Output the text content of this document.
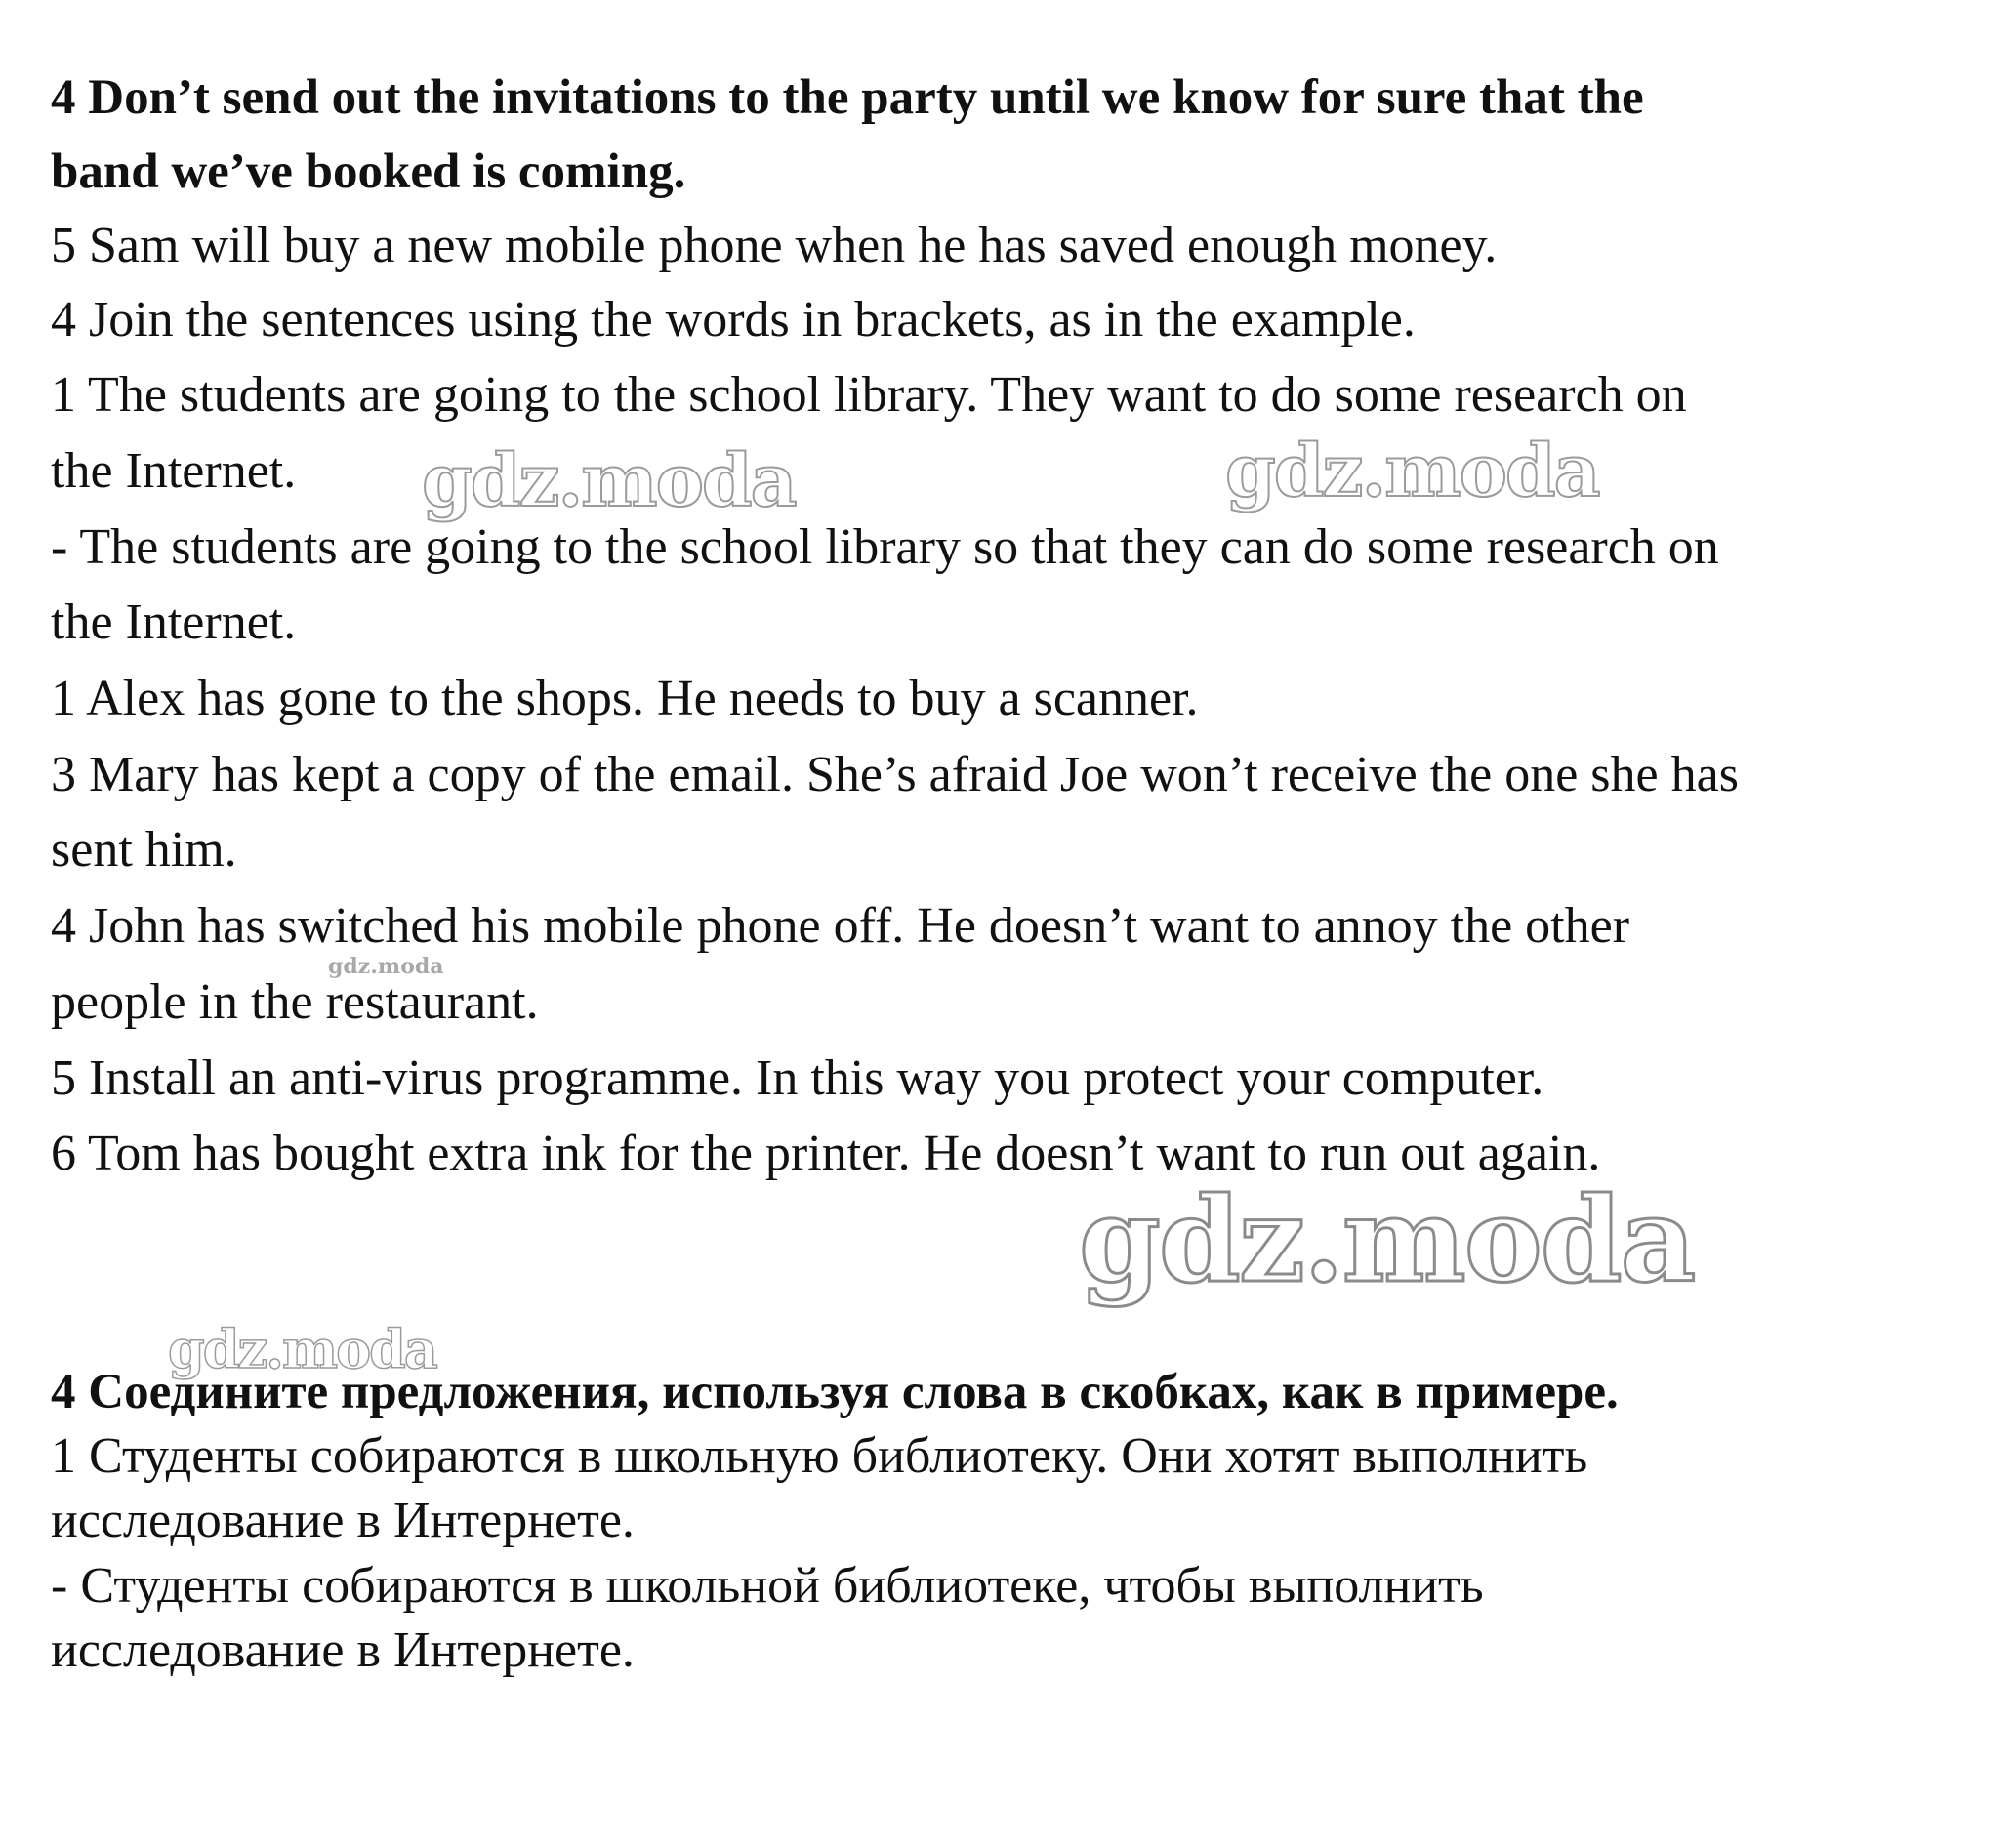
4 Don’t send out the invitations to the party until we know for sure that the
band we’ve booked is coming.
5 Sam will buy a new mobile phone when he has saved enough money.
4 Join the sentences using the words in brackets, as in the example.
1 The students are going to the school library. They want to do some research on
the Internet.
- The students are going to the school library so that they can do some research on
the Internet.
1 Alex has gone to the shops. He needs to buy a scanner.
3 Mary has kept a copy of the email. She’s afraid Joe won’t receive the one she has
sent him.
4 John has switched his mobile phone off. He doesn’t want to annoy the other
people in the restaurant.
5 Install an anti-virus programme. In this way you protect your computer.
6 Tom has bought extra ink for the printer. He doesn’t want to run out again.
4 Соедините предложения, используя слова в скобках, как в примере.
1 Студенты собираются в школьную библиотеку. Они хотят выполнить
исследование в Интернете.
- Студенты собираются в школьной библиотеке, чтобы выполнить
исследование в Интернете.
gdz.moda	gdz.moda
gdz.moda
gdz.moda
gdz.moda
